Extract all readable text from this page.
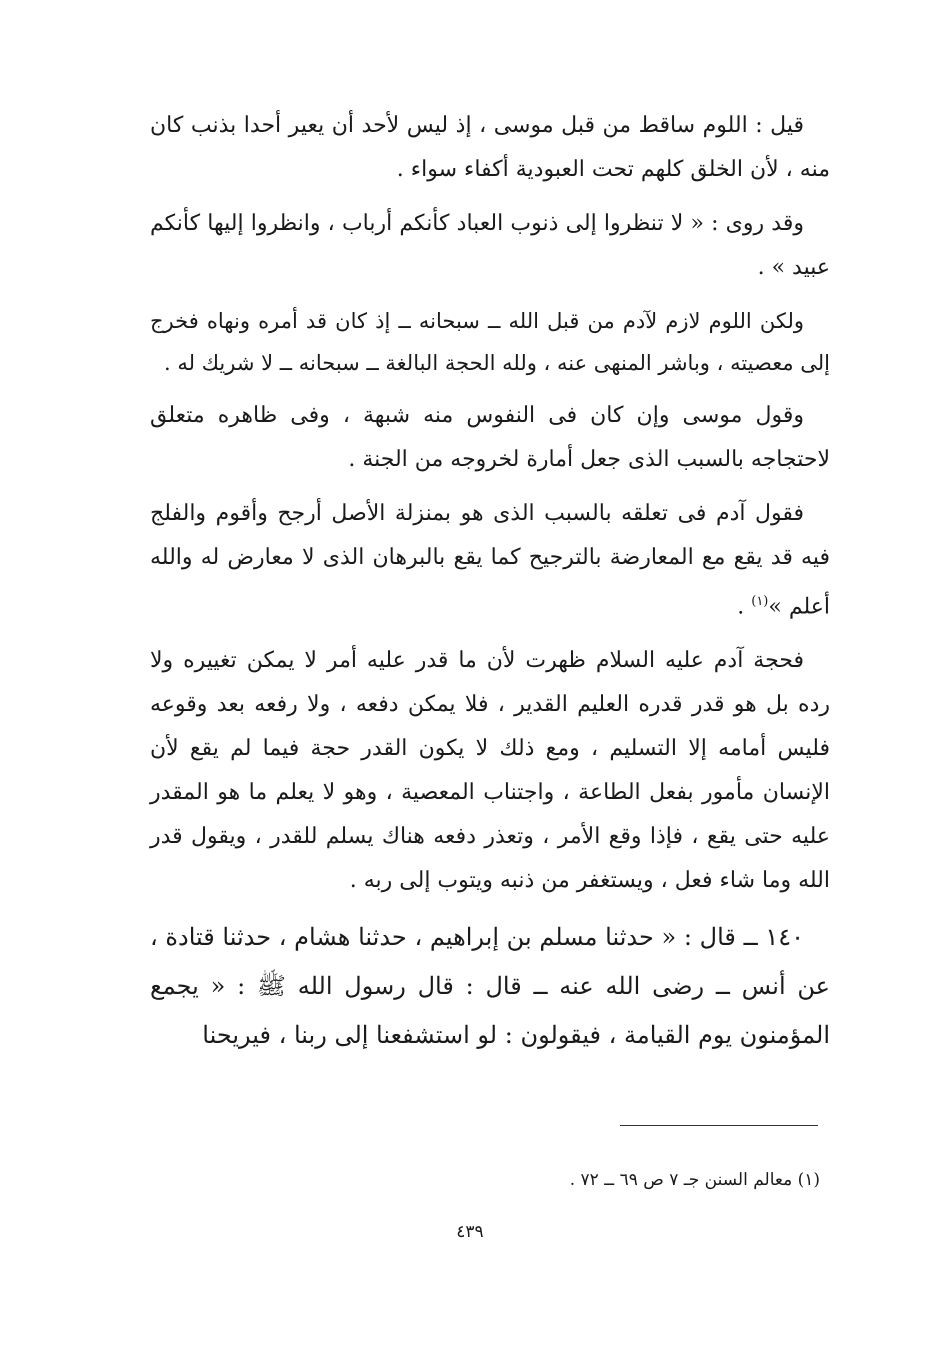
قيل : اللوم ساقط من قبل موسى ، إذ ليس لأحد أن يعير أحدا بذنب كان منه ، لأن الخلق كلهم تحت العبودية أكفاء سواء .

وقد روى : « لا تنظروا إلى ذنوب العباد كأنكم أرباب ، وانظروا إليها كأنكم عبيد » .

ولكن اللوم لازم لآدم من قبل الله ــ سبحانه ــ إذ كان قد أمره ونهاه فخرج إلى معصيته ، وباشر المنهى عنه ، ولله الحجة البالغة ــ سبحانه ــ لا شريك له .

وقول موسى وإن كان فى النفوس منه شبهة ، وفى ظاهره متعلق لاحتجاجه بالسبب الذى جعل أمارة لخروجه من الجنة .

فقول آدم فى تعلقه بالسبب الذى هو بمنزلة الأصل أرجح وأقوم والفلج فيه قد يقع مع المعارضة بالترجيح كما يقع بالبرهان الذى لا معارض له والله أعلم »$^{(١)}$ .

فحجة آدم عليه السلام ظهرت لأن ما قدر عليه أمر لا يمكن تغييره ولا رده بل هو قدر قدره العليم القدير ، فلا يمكن دفعه ، ولا رفعه بعد وقوعه فليس أمامه إلا التسليم ، ومع ذلك لا يكون القدر حجة فيما لم يقع لأن الإنسان مأمور بفعل الطاعة ، واجتناب المعصية ، وهو لا يعلم ما هو المقدر عليه حتى يقع ، فإذا وقع الأمر ، وتعذر دفعه هناك يسلم للقدر ، ويقول قدر الله وما شاء فعل ، ويستغفر من ذنبه ويتوب إلى ربه .

١٤٠ ــ قال : « حدثنا مسلم بن إبراهيم ، حدثنا هشام ، حدثنا قتادة ، عن أنس ــ رضى الله عنه ــ قال : قال رسول الله ﷺ : « يجمع المؤمنون يوم القيامة ، فيقولون : لو استشفعنا إلى ربنا ، فيريحنا

(١) معالم السنن جـ ٧ ص ٦٩ ــ ٧٢ .
٤٣٩
